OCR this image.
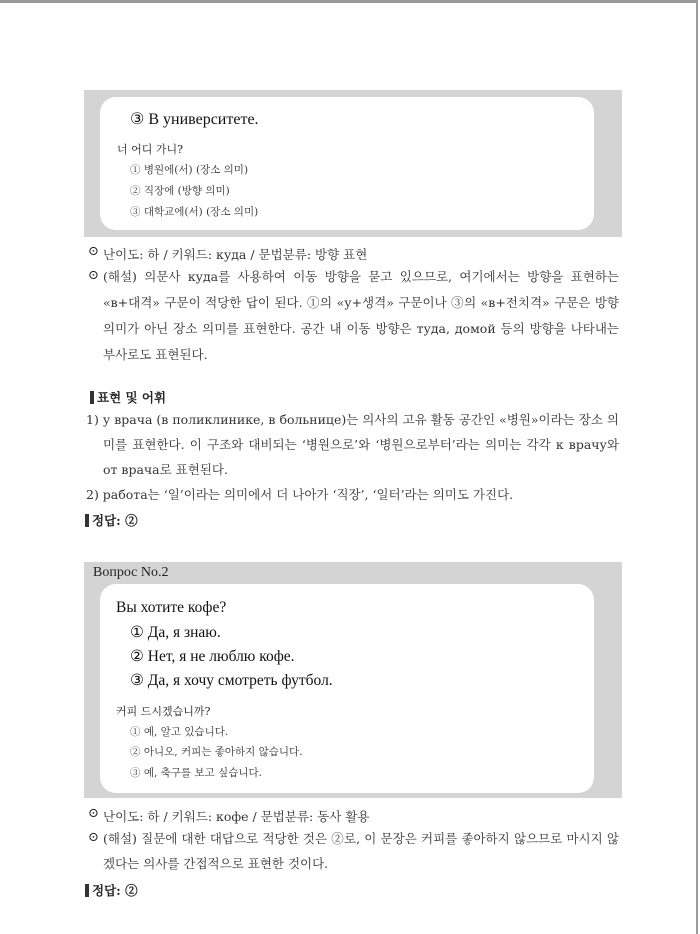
③ В университете.
너 어디 가니?
① 병원에(서) (장소 의미)
② 직장에 (방향 의미)
③ 대학교에(서) (장소 의미)
⊙ 난이도: 하 / 키워드: куда / 문법분류: 방향 표현
⊙ (해설) 의문사 куда를 사용하여 이동 방향을 묻고 있으므로, 여기에서는 방향을 표현하는 «в+대격» 구문이 적당한 답이 된다. ①의 «у+생격» 구문이나 ③의 «в+전치격» 구문은 방향 의미가 아닌 장소 의미를 표현한다. 공간 내 이동 방향은 туда, домой 등의 방향을 나타내는 부사로도 표현된다.
표현 및 어휘
1) у врача (в поликлинике, в больнице)는 의사의 고유 활동 공간인 «병원»이라는 장소 의미를 표현한다. 이 구조와 대비되는 ‘병원으로’와 ‘병원으로부터’라는 의미는 각각 к врачу와 от врача로 표현된다.
2) работа는 ‘일’이라는 의미에서 더 나아가 ‘직장’, ‘일터’라는 의미도 가진다.
정답: ②
Вопрос No.2
Вы хотите кофе?
① Да, я знаю.
② Нет, я не люблю кофе.
③ Да, я хочу смотреть футбол.
커피 드시겠습니까?
① 예, 알고 있습니다.
② 아니오, 커피는 좋아하지 않습니다.
③ 예, 축구를 보고 싶습니다.
⊙ 난이도: 하 / 키워드: кофе / 문법분류: 동사 활용
⊙ (해설) 질문에 대한 대답으로 적당한 것은 ②로, 이 문장은 커피를 좋아하지 않으므로 마시지 않겠다는 의사를 간접적으로 표현한 것이다.
정답: ②
